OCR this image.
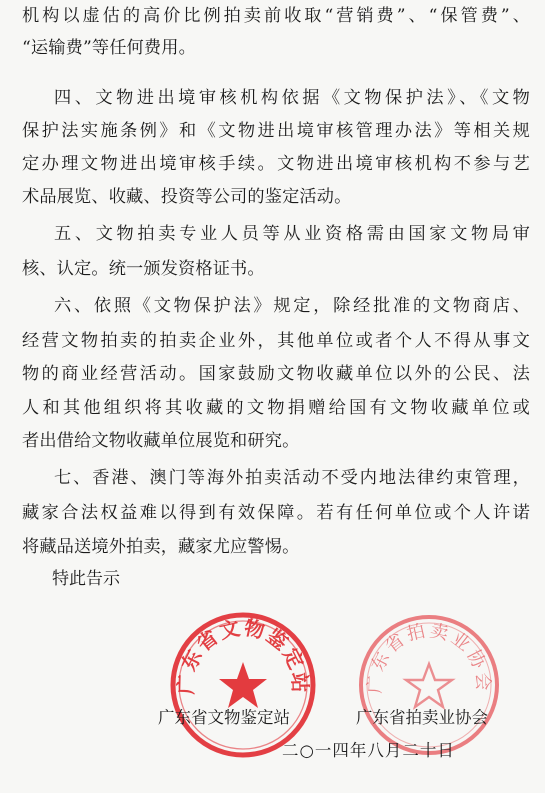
机构以虚估的高价比例拍卖前收取“营销费”、“保管费”、
“运输费”等任何费用。
四、文物进出境审核机构依据《文物保护法》、《文物
保护法实施条例》和《文物进出境审核管理办法》等相关规
定办理文物进出境审核手续。文物进出境审核机构不参与艺
术品展览、收藏、投资等公司的鉴定活动。
五、文物拍卖专业人员等从业资格需由国家文物局审
核、认定。统一颁发资格证书。
六、依照《文物保护法》规定，除经批准的文物商店、
经营文物拍卖的拍卖企业外，其他单位或者个人不得从事文
物的商业经营活动。国家鼓励文物收藏单位以外的公民、法
人和其他组织将其收藏的文物捐赠给国有文物收藏单位或
者出借给文物收藏单位展览和研究。
七、香港、澳门等海外拍卖活动不受内地法律约束管理，
藏家合法权益难以得到有效保障。若有任何单位或个人许诺
将藏品送境外拍卖，藏家尤应警惕。
特此告示
广东省文物鉴定站	广东省拍卖业协会
广东省文物鉴定站	广东省拍卖业协会
二○一四年八月二十日
